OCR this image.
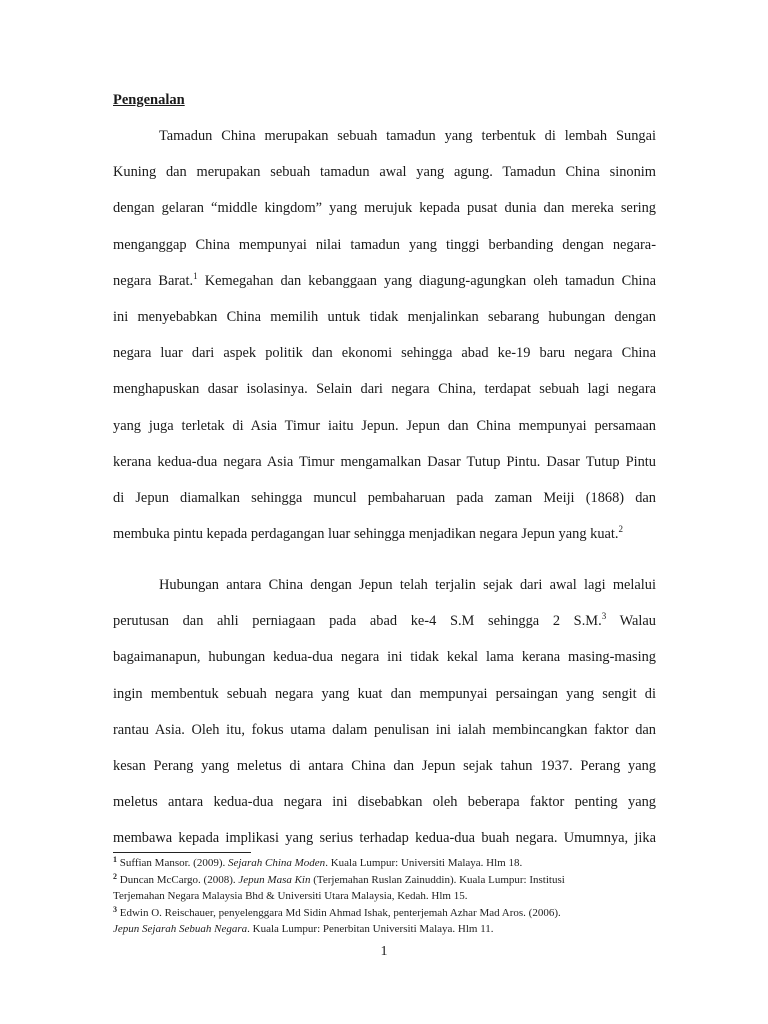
Pengenalan

Tamadun China merupakan sebuah tamadun yang terbentuk di lembah Sungai
Kuning dan merupakan sebuah tamadun awal yang agung. Tamadun China sinonim
dengan gelaran “middle kingdom” yang merujuk kepada pusat dunia dan mereka sering
menganggap China mempunyai nilai tamadun yang tinggi berbanding dengan negara-
negara Barat.$^1$ Kemegahan dan kebanggaan yang diagung-agungkan oleh tamadun China
ini menyebabkan China memilih untuk tidak menjalinkan sebarang hubungan dengan
negara luar dari aspek politik dan ekonomi sehingga abad ke-19 baru negara China
menghapuskan dasar isolasinya. Selain dari negara China, terdapat sebuah lagi negara
yang juga terletak di Asia Timur iaitu Jepun. Jepun dan China mempunyai persamaan
kerana kedua-dua negara Asia Timur mengamalkan Dasar Tutup Pintu. Dasar Tutup Pintu
di Jepun diamalkan sehingga muncul pembaharuan pada zaman Meiji (1868) dan
membuka pintu kepada perdagangan luar sehingga menjadikan negara Jepun yang kuat.$^2$
Hubungan antara China dengan Jepun telah terjalin sejak dari awal lagi melalui
perutusan dan ahli perniagaan pada abad ke-4 S.M sehingga 2 S.M.$^3$ Walau
bagaimanapun, hubungan kedua-dua negara ini tidak kekal lama kerana masing-masing
ingin membentuk sebuah negara yang kuat dan mempunyai persaingan yang sengit di
rantau Asia. Oleh itu, fokus utama dalam penulisan ini ialah membincangkan faktor dan
kesan Perang yang meletus di antara China dan Jepun sejak tahun 1937. Perang yang
meletus antara kedua-dua negara ini disebabkan oleh beberapa faktor penting yang
membawa kepada implikasi yang serius terhadap kedua-dua buah negara. Umumnya, jika
$^1$ Suffian Mansor. (2009). Sejarah China Moden. Kuala Lumpur: Universiti Malaya. Hlm 18.
$^2$ Duncan McCargo. (2008). Jepun Masa Kin (Terjemahan Ruslan Zainuddin). Kuala Lumpur: Institusi
Terjemahan Negara Malaysia Bhd & Universiti Utara Malaysia, Kedah. Hlm 15.
$^3$ Edwin O. Reischauer, penyelenggara Md Sidin Ahmad Ishak, penterjemah Azhar Mad Aros. (2006).
Jepun Sejarah Sebuah Negara. Kuala Lumpur: Penerbitan Universiti Malaya. Hlm 11.
1
